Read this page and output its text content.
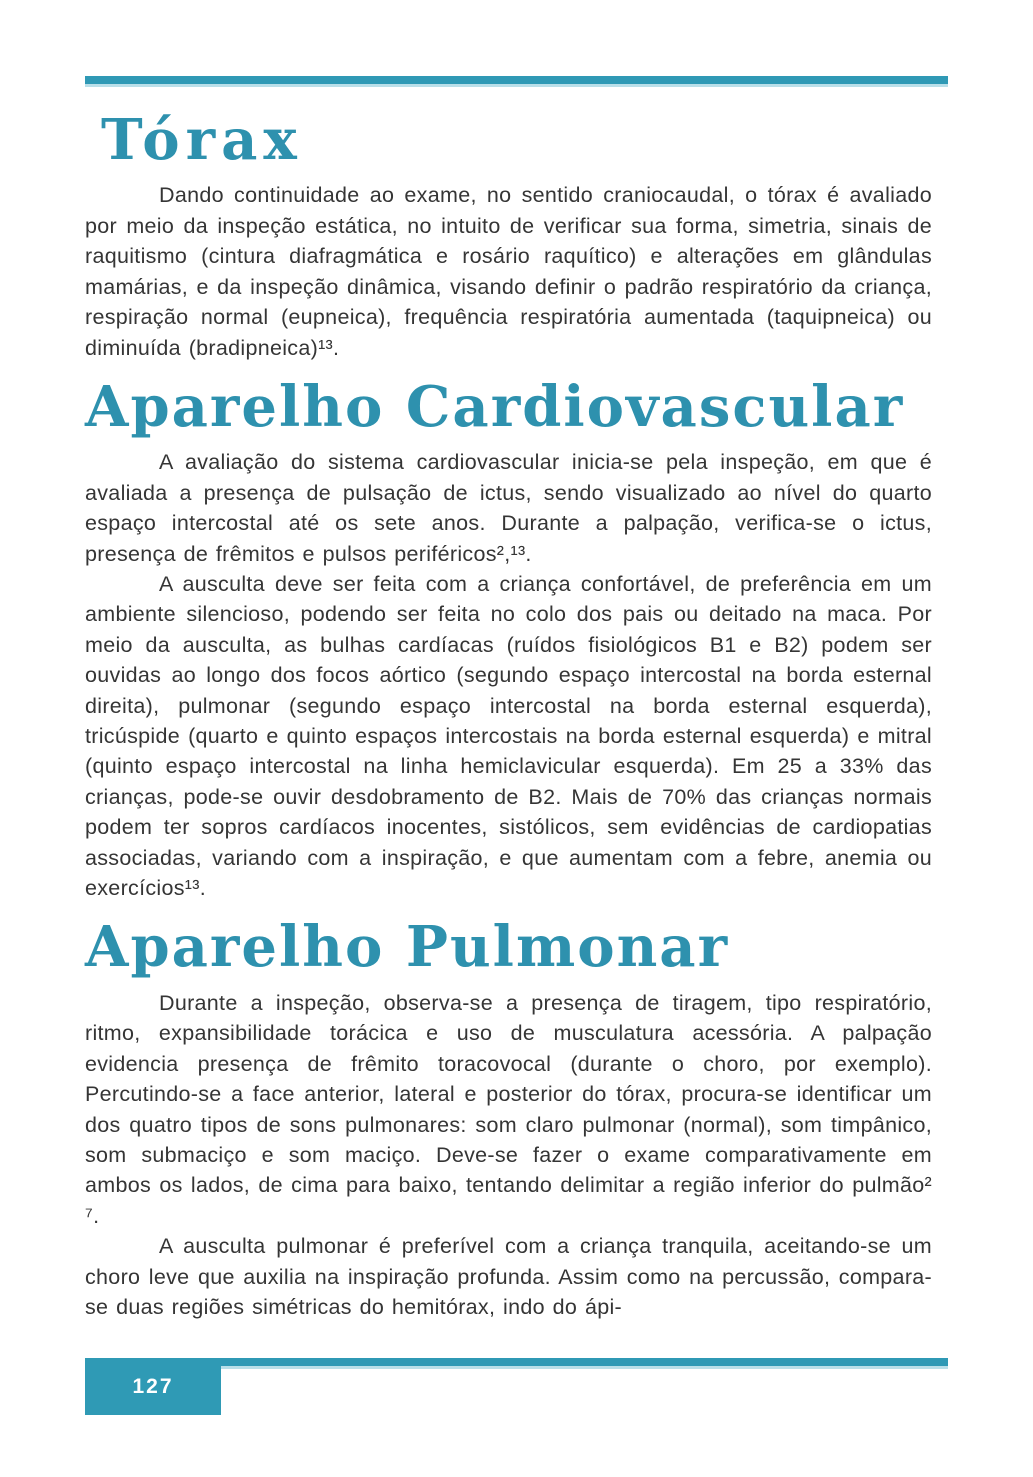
Tórax

Dando continuidade ao exame, no sentido craniocaudal, o tórax é avaliado por meio da inspeção estática, no intuito de verificar sua forma, simetria, sinais de raquitismo (cintura diafragmática e rosário raquítico) e alterações em glândulas mamárias, e da inspeção dinâmica, visando definir o padrão respiratório da criança, respiração normal (eupneica), frequência respiratória aumentada (taquipneica) ou diminuída (bradipneica)¹³.

Aparelho Cardiovascular

A avaliação do sistema cardiovascular inicia-se pela inspeção, em que é avaliada a presença de pulsação de ictus, sendo visualizado ao nível do quarto espaço intercostal até os sete anos. Durante a palpação, verifica-se o ictus, presença de frêmitos e pulsos periféricos²,¹³.

A ausculta deve ser feita com a criança confortável, de preferência em um ambiente silencioso, podendo ser feita no colo dos pais ou deitado na maca. Por meio da ausculta, as bulhas cardíacas (ruídos fisiológicos B1 e B2) podem ser ouvidas ao longo dos focos aórtico (segundo espaço intercostal na borda esternal direita), pulmonar (segundo espaço intercostal na borda esternal esquerda), tricúspide (quarto e quinto espaços intercostais na borda esternal esquerda) e mitral (quinto espaço intercostal na linha hemiclavicular esquerda). Em 25 a 33% das crianças, pode-se ouvir desdobramento de B2. Mais de 70% das crianças normais podem ter sopros cardíacos inocentes, sistólicos, sem evidências de cardiopatias associadas, variando com a inspiração, e que aumentam com a febre, anemia ou exercícios¹³.

Aparelho Pulmonar

Durante a inspeção, observa-se a presença de tiragem, tipo respiratório, ritmo, expansibilidade torácica e uso de musculatura acessória. A palpação evidencia presença de frêmito toracovocal (durante o choro, por exemplo). Percutindo-se a face anterior, lateral e posterior do tórax, procura-se identificar um dos quatro tipos de sons pulmonares: som claro pulmonar (normal), som timpânico, som submaciço e som maciço. Deve-se fazer o exame comparativamente em ambos os lados, de cima para baixo, tentando delimitar a região inferior do pulmão² ⁷.

A ausculta pulmonar é preferível com a criança tranquila, aceitando-se um choro leve que auxilia na inspiração profunda. Assim como na percussão, compara-se duas regiões simétricas do hemitórax, indo do ápi-

127
